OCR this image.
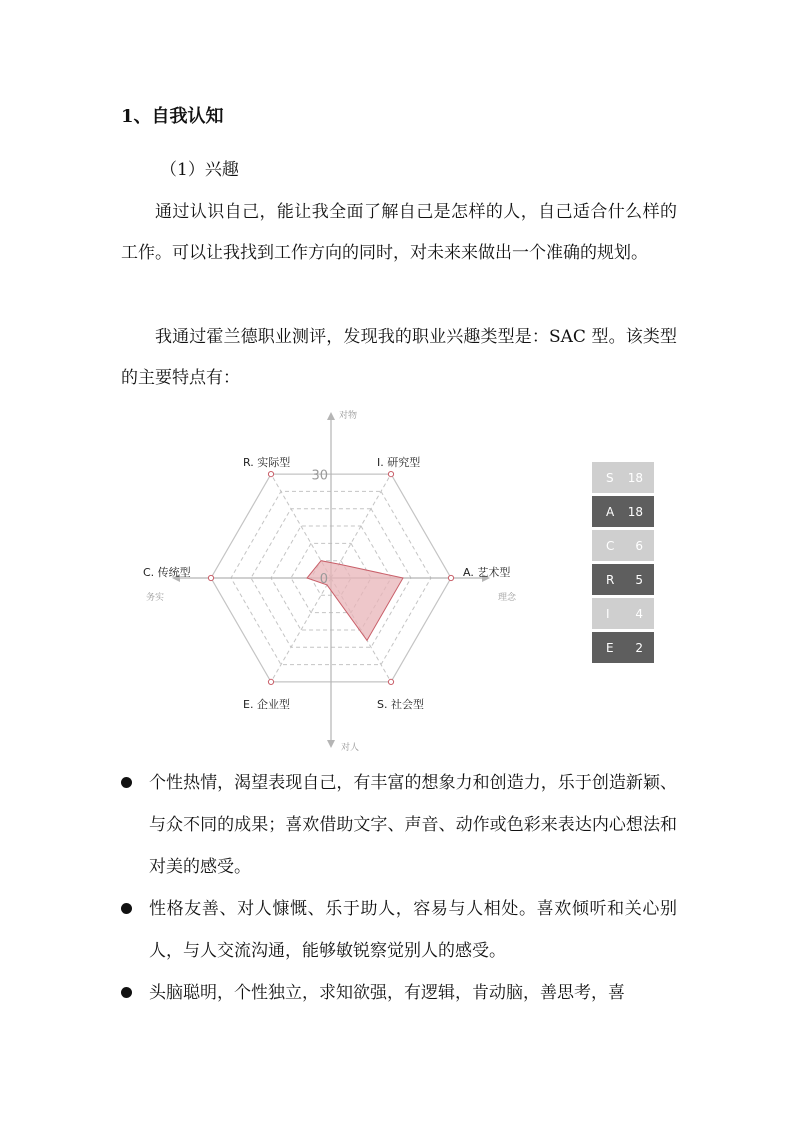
1、自我认知
（1）兴趣
通过认识自己，能让我全面了解自己是怎样的人，自己适合什么样的工作。可以让我找到工作方向的同时，对未来来做出一个准确的规划。
我通过霍兰德职业测评，发现我的职业兴趣类型是：SAC 型。该类型的主要特点有：
I. 研究型
A. 艺术型
S. 社会型
E. 企业型
C. 传统型
R. 实际型
对物
对人
务实	理念
30
0
S 18
A 18
C 6
R 5
I 4
E 2
个性热情，渴望表现自己，有丰富的想象力和创造力，乐于创造新颖、与众不同的成果；喜欢借助文字、声音、动作或色彩来表达内心想法和对美的感受。
性格友善、对人慷慨、乐于助人，容易与人相处。喜欢倾听和关心别人，与人交流沟通，能够敏锐察觉别人的感受。
头脑聪明，个性独立，求知欲强，有逻辑，肯动脑，善思考，喜
